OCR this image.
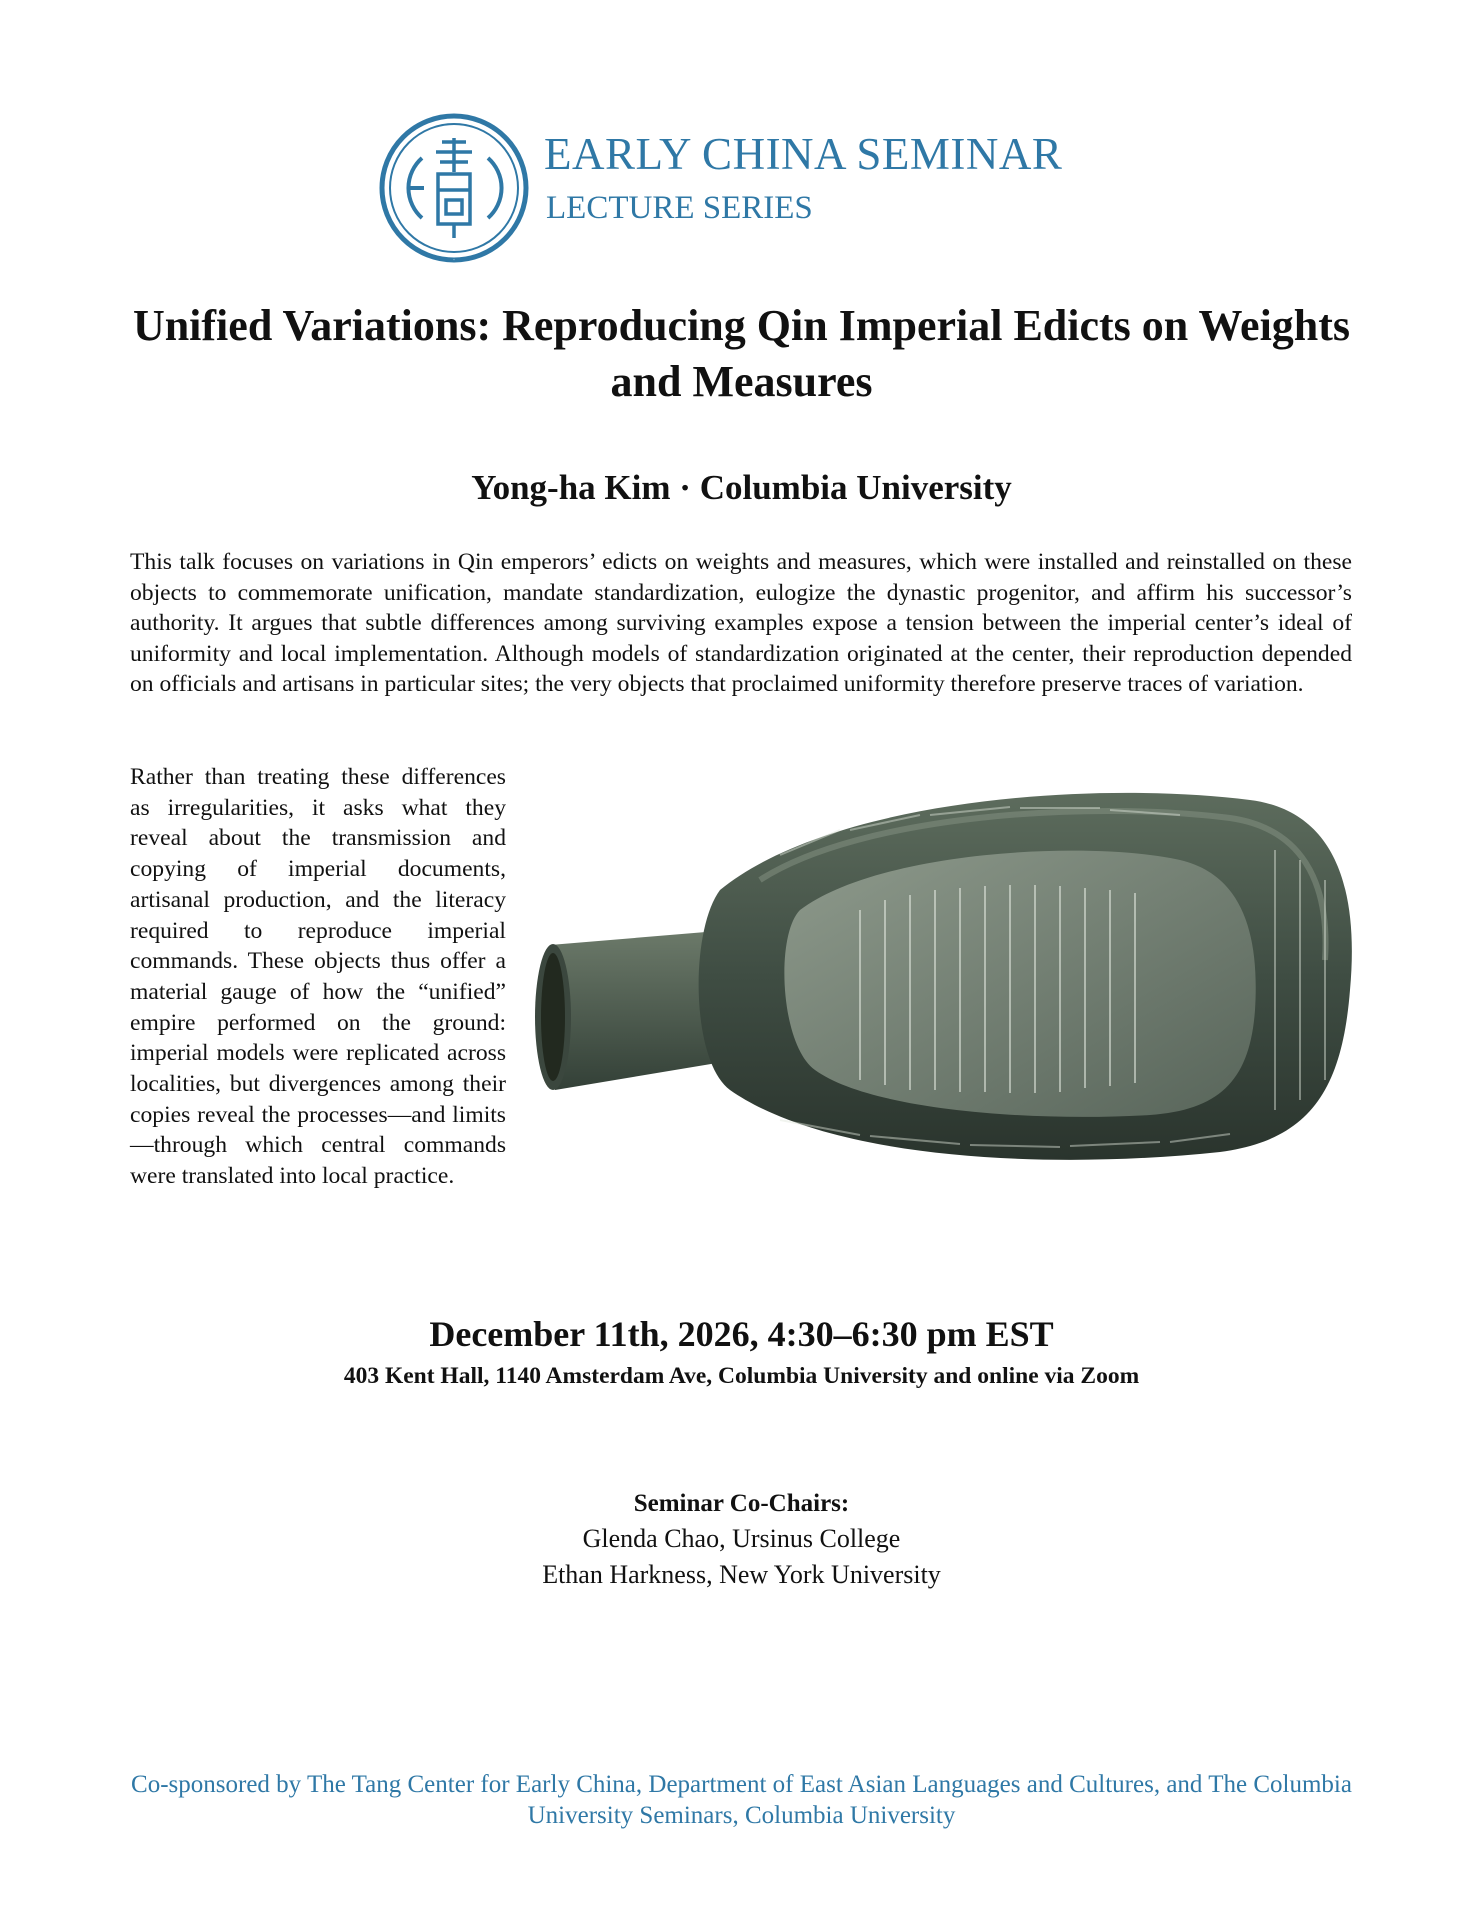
繭
EARLY CHINA SEMINAR
LECTURE SERIES
Unified Variations: Reproducing Qin Imperial Edicts on Weights and Measures
Yong-ha Kim · Columbia University
This talk focuses on variations in Qin emperors’ edicts on weights and measures, which were installed and reinstalled on these objects to commemorate unification, mandate standardization, eulogize the dynastic progenitor, and affirm his successor’s authority. It argues that subtle differences among surviving examples expose a tension between the imperial center’s ideal of uniformity and local implementation. Although models of standardization originated at the center, their reproduction depended on officials and artisans in particular sites; the very objects that proclaimed uniformity therefore preserve traces of variation.
Rather than treating these differences as irregularities, it asks what they reveal about the transmission and copying of imperial documents, artisanal production, and the literacy required to reproduce imperial commands. These objects thus offer a material gauge of how the “unified” empire performed on the ground: imperial models were replicated across localities, but divergences among their copies reveal the processes—and limits—through which central commands were translated into local practice.
December 11th, 2026, 4:30–6:30 pm EST
403 Kent Hall, 1140 Amsterdam Ave, Columbia University and online via Zoom
Seminar Co-Chairs:
Glenda Chao, Ursinus College
Ethan Harkness, New York University
Co-sponsored by The Tang Center for Early China, Department of East Asian Languages and Cultures, and The Columbia University Seminars, Columbia University
